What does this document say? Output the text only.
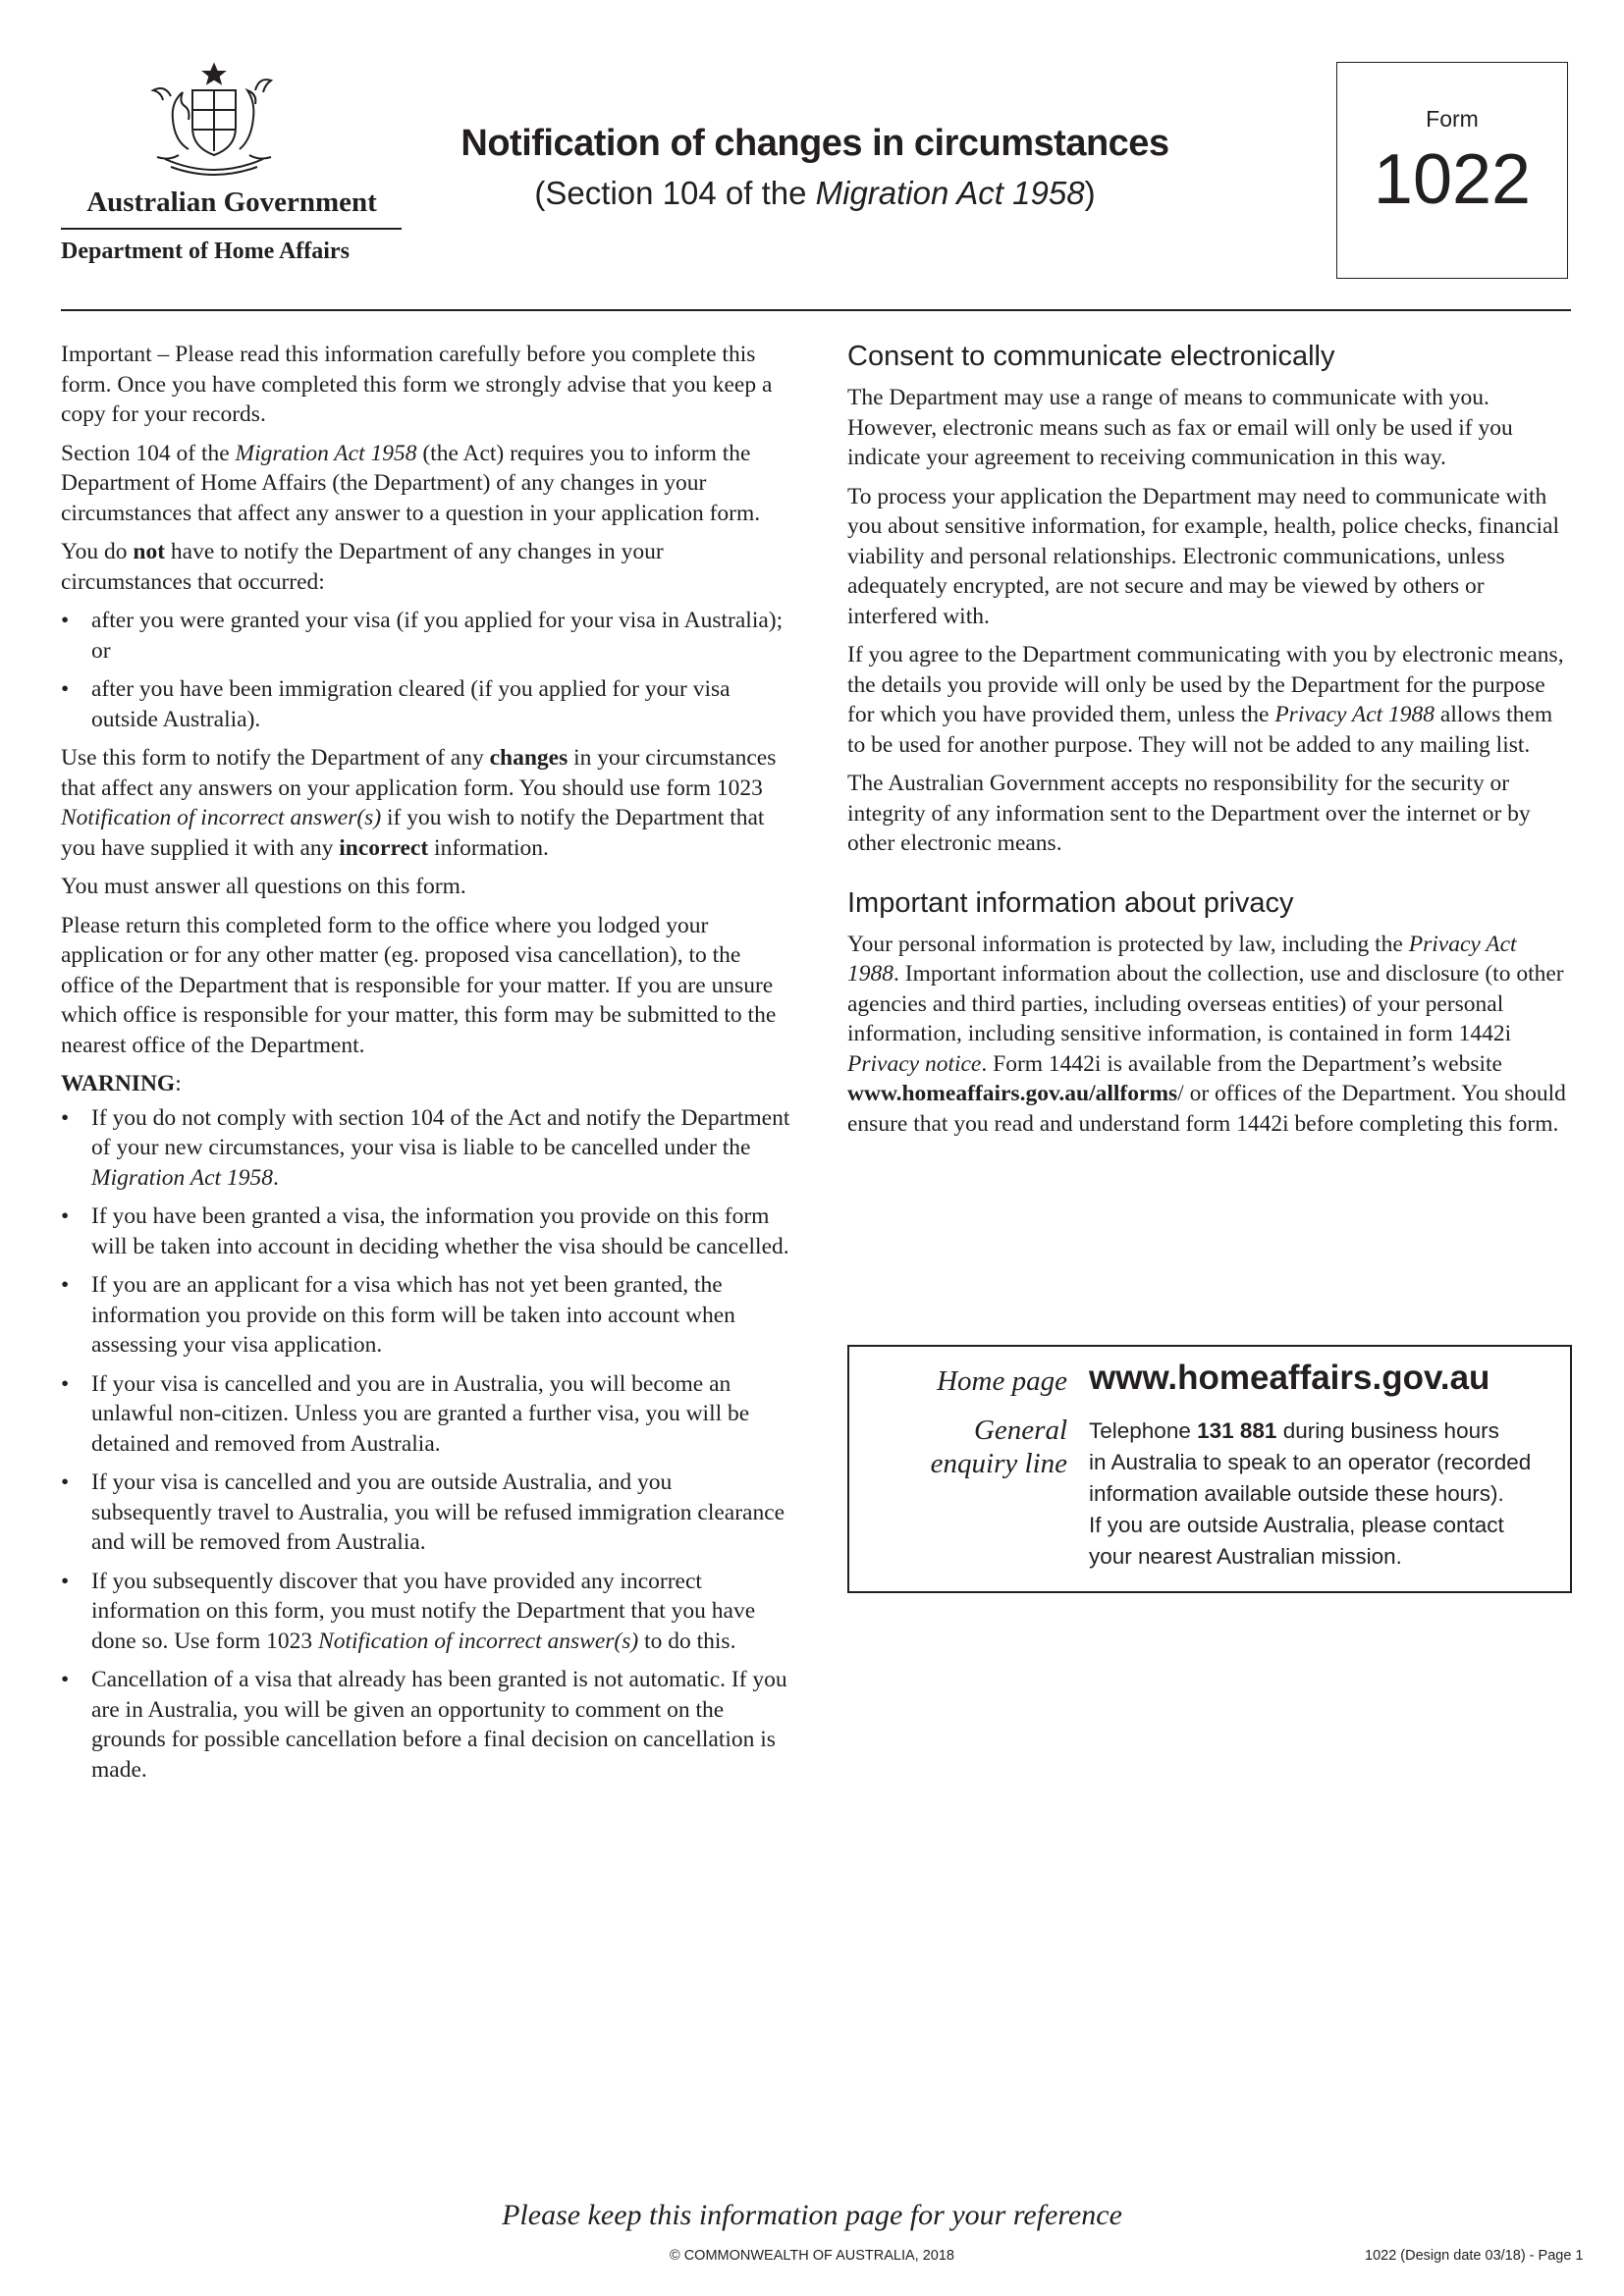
Australian Government
Department of Home Affairs
Notification of changes in circumstances
(Section 104 of the Migration Act 1958)
Form
1022

Important – Please read this information carefully before you complete this form. Once you have completed this form we strongly advise that you keep a copy for your records.

Section 104 of the Migration Act 1958 (the Act) requires you to inform the Department of Home Affairs (the Department) of any changes in your circumstances that affect any answer to a question in your application form.

You do not have to notify the Department of any changes in your circumstances that occurred:

• after you were granted your visa (if you applied for your visa in Australia); or
• after you have been immigration cleared (if you applied for your visa outside Australia).

Use this form to notify the Department of any changes in your circumstances that affect any answers on your application form. You should use form 1023 Notification of incorrect answer(s) if you wish to notify the Department that you have supplied it with any incorrect information.

You must answer all questions on this form.

Please return this completed form to the office where you lodged your application or for any other matter (eg. proposed visa cancellation), to the office of the Department that is responsible for your matter. If you are unsure which office is responsible for your matter, this form may be submitted to the nearest office of the Department.

WARNING:

• If you do not comply with section 104 of the Act and notify the Department of your new circumstances, your visa is liable to be cancelled under the Migration Act 1958.
• If you have been granted a visa, the information you provide on this form will be taken into account in deciding whether the visa should be cancelled.
• If you are an applicant for a visa which has not yet been granted, the information you provide on this form will be taken into account when assessing your visa application.
• If your visa is cancelled and you are in Australia, you will become an unlawful non-citizen. Unless you are granted a further visa, you will be detained and removed from Australia.
• If your visa is cancelled and you are outside Australia, and you subsequently travel to Australia, you will be refused immigration clearance and will be removed from Australia.
• If you subsequently discover that you have provided any incorrect information on this form, you must notify the Department that you have done so. Use form 1023 Notification of incorrect answer(s) to do this.
• Cancellation of a visa that already has been granted is not automatic. If you are in Australia, you will be given an opportunity to comment on the grounds for possible cancellation before a final decision on cancellation is made.
Consent to communicate electronically

The Department may use a range of means to communicate with you. However, electronic means such as fax or email will only be used if you indicate your agreement to receiving communication in this way.

To process your application the Department may need to communicate with you about sensitive information, for example, health, police checks, financial viability and personal relationships. Electronic communications, unless adequately encrypted, are not secure and may be viewed by others or interfered with.

If you agree to the Department communicating with you by electronic means, the details you provide will only be used by the Department for the purpose for which you have provided them, unless the Privacy Act 1988 allows them to be used for another purpose. They will not be added to any mailing list.

The Australian Government accepts no responsibility for the security or integrity of any information sent to the Department over the internet or by other electronic means.

Important information about privacy

Your personal information is protected by law, including the Privacy Act 1988. Important information about the collection, use and disclosure (to other agencies and third parties, including overseas entities) of your personal information, including sensitive information, is contained in form 1442i Privacy notice. Form 1442i is available from the Department’s website www.homeaffairs.gov.au/allforms/ or offices of the Department. You should ensure that you read and understand form 1442i before completing this form.

Home page www.homeaffairs.gov.au
General
enquiry line
Telephone 131 881 during business hours
in Australia to speak to an operator (recorded
information available outside these hours).
If you are outside Australia, please contact
your nearest Australian mission.
Please keep this information page for your reference
© COMMONWEALTH OF AUSTRALIA, 2018	1022 (Design date 03/18) - Page 1
